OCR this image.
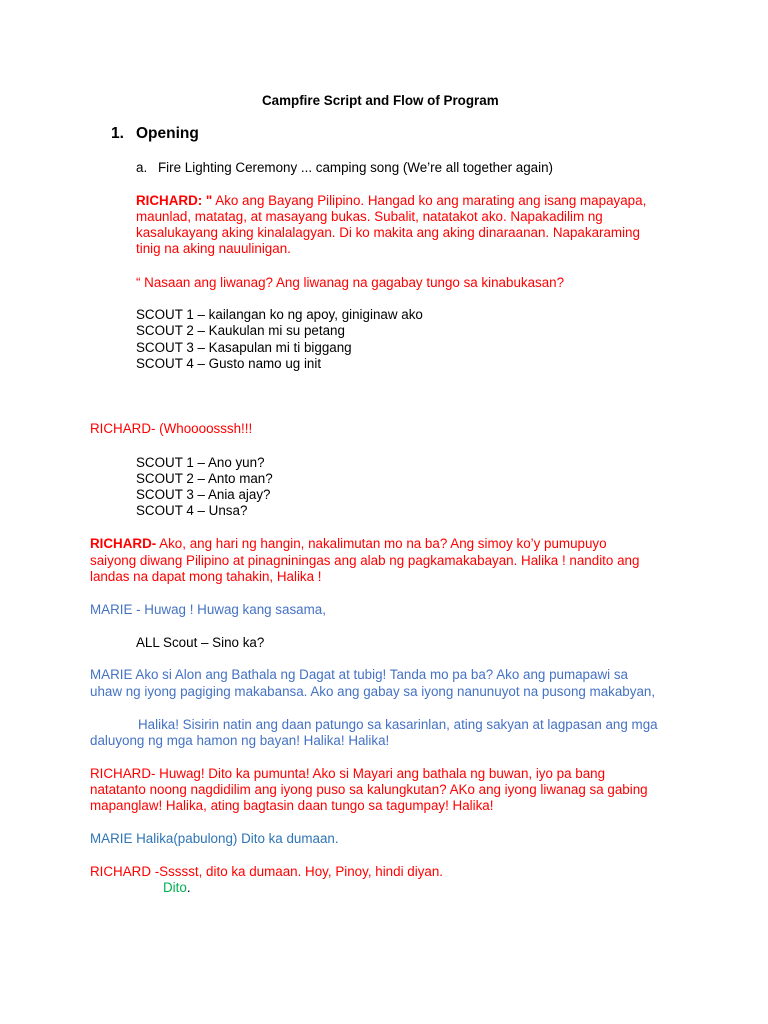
Campfire Script and Flow of Program
1. Opening
a. Fire Lighting Ceremony ... camping song (We’re all together again)
RICHARD: " Ako ang Bayang Pilipino. Hangad ko ang marating ang isang mapayapa,
maunlad, matatag, at masayang bukas. Subalit, natatakot ako. Napakadilim ng
kasalukayang aking kinalalagyan. Di ko makita ang aking dinaraanan. Napakaraming
tinig na aking nauulinigan.
“ Nasaan ang liwanag? Ang liwanag na gagabay tungo sa kinabukasan?
SCOUT 1 – kailangan ko ng apoy, giniginaw ako
SCOUT 2 – Kaukulan mi su petang
SCOUT 3 – Kasapulan mi ti biggang
SCOUT 4 – Gusto namo ug init
RICHARD- (Whoooosssh!!!
SCOUT 1 – Ano yun?
SCOUT 2 – Anto man?
SCOUT 3 – Ania ajay?
SCOUT 4 – Unsa?
RICHARD- Ako, ang hari ng hangin, nakalimutan mo na ba? Ang simoy ko’y pumupuyo
saiyong diwang Pilipino at pinagniningas ang alab ng pagkamakabayan. Halika ! nandito ang
landas na dapat mong tahakin, Halika !
MARIE - Huwag ! Huwag kang sasama,
ALL Scout – Sino ka?
MARIE Ako si Alon ang Bathala ng Dagat at tubig! Tanda mo pa ba? Ako ang pumapawi sa
uhaw ng iyong pagiging makabansa. Ako ang gabay sa iyong nanunuyot na pusong makabyan,
Halika! Sisirin natin ang daan patungo sa kasarinlan, ating sakyan at lagpasan ang mga
daluyong ng mga hamon ng bayan! Halika! Halika!
RICHARD- Huwag! Dito ka pumunta! Ako si Mayari ang bathala ng buwan, iyo pa bang
natatanto noong nagdidilim ang iyong puso sa kalungkutan? AKo ang iyong liwanag sa gabing
mapanglaw! Halika, ating bagtasin daan tungo sa tagumpay! Halika!
MARIE Halika(pabulong) Dito ka dumaan.
RICHARD -Ssssst, dito ka dumaan. Hoy, Pinoy, hindi diyan.
Dito.
